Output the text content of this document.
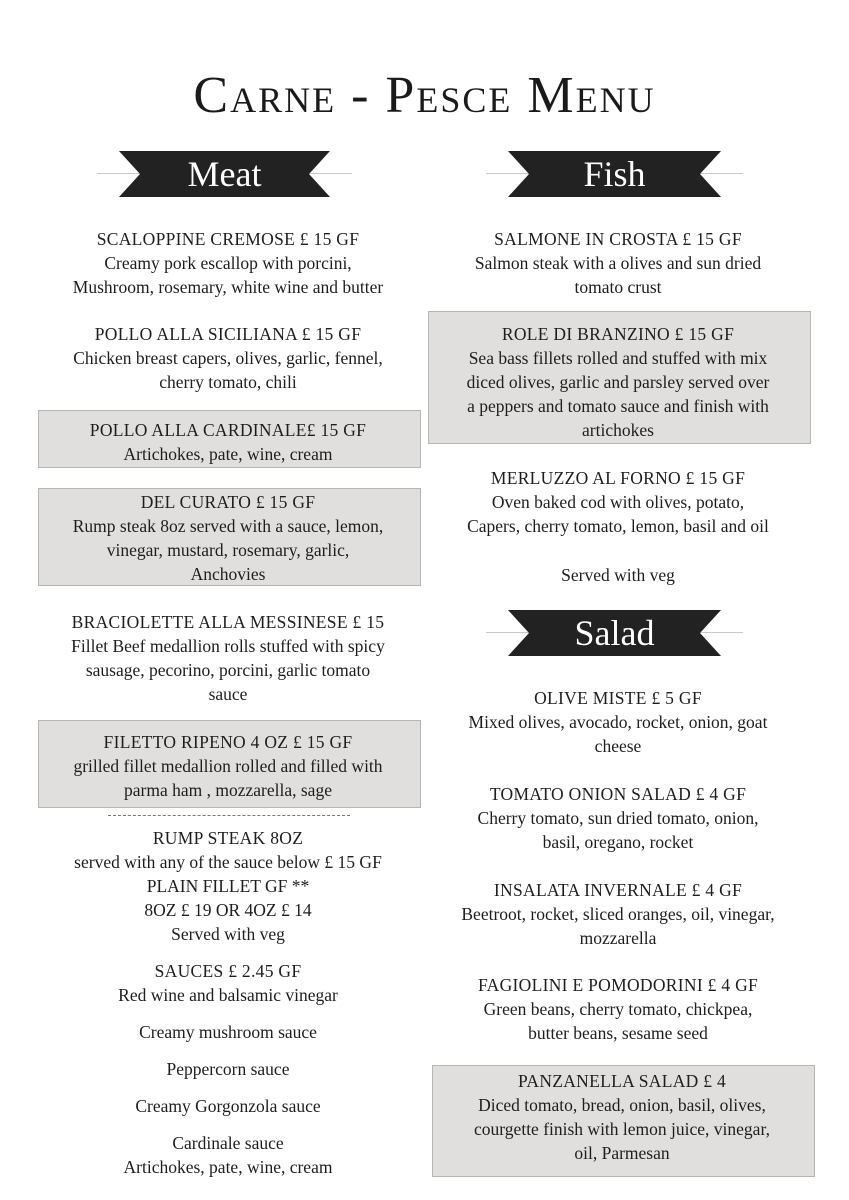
Carne - Pesce Menu
Meat	Fish
Salad
SCALOPPINE CREMOSE £ 15 GF
Creamy pork escallop with porcini,
Mushroom, rosemary, white wine and butter
POLLO ALLA SICILIANA £ 15 GF
Chicken breast capers, olives, garlic, fennel,
cherry tomato, chili
POLLO ALLA CARDINALE£ 15 GF
Artichokes, pate, wine, cream
DEL CURATO £ 15 GF
Rump steak 8oz served with a sauce, lemon,
vinegar, mustard, rosemary, garlic,
Anchovies
BRACIOLETTE ALLA MESSINESE £ 15
Fillet Beef medallion rolls stuffed with spicy
sausage, pecorino, porcini, garlic tomato
sauce
FILETTO RIPENO 4 OZ £ 15 GF
grilled fillet medallion rolled and filled with
parma ham , mozzarella, sage
RUMP STEAK 8OZ
served with any of the sauce below £ 15 GF
PLAIN FILLET GF **
8OZ £ 19 OR 4OZ £ 14
Served with veg
SAUCES £ 2.45 GF
Red wine and balsamic vinegar
Creamy mushroom sauce
Peppercorn sauce
Creamy Gorgonzola sauce
Cardinale sauce
Artichokes, pate, wine, cream
SALMONE IN CROSTA £ 15 GF
Salmon steak with a olives and sun dried
tomato crust
ROLE DI BRANZINO £ 15 GF
Sea bass fillets rolled and stuffed with mix
diced olives, garlic and parsley served over
a peppers and tomato sauce and finish with
artichokes
MERLUZZO AL FORNO £ 15 GF
Oven baked cod with olives, potato,
Capers, cherry tomato, lemon, basil and oil
Served with veg
OLIVE MISTE £ 5 GF
Mixed olives, avocado, rocket, onion, goat
cheese
TOMATO ONION SALAD £ 4 GF
Cherry tomato, sun dried tomato, onion,
basil, oregano, rocket
INSALATA INVERNALE £ 4 GF
Beetroot, rocket, sliced oranges, oil, vinegar,
mozzarella
FAGIOLINI E POMODORINI £ 4 GF
Green beans, cherry tomato, chickpea,
butter beans, sesame seed
PANZANELLA SALAD £ 4
Diced tomato, bread, onion, basil, olives,
courgette finish with lemon juice, vinegar,
oil, Parmesan
